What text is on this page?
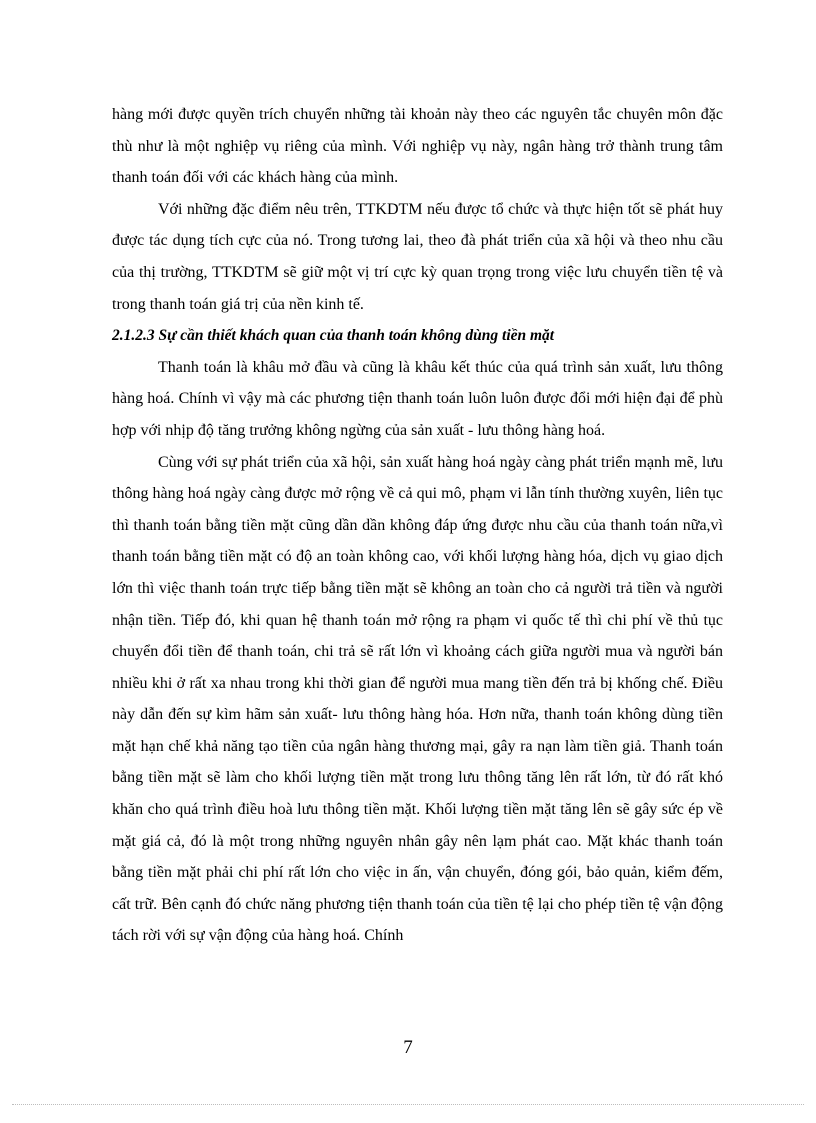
hàng mới được quyền trích chuyển những tài khoản này theo các nguyên tắc chuyên môn đặc thù như là một nghiệp vụ riêng của mình. Với nghiệp vụ này, ngân hàng trở thành trung tâm thanh toán đối với các khách hàng của mình.

Với những đặc điểm nêu trên, TTKDTM nếu được tổ chức và thực hiện tốt sẽ phát huy được tác dụng tích cực của nó. Trong tương lai, theo đà phát triển của xã hội và theo nhu cầu của thị trường, TTKDTM sẽ giữ một vị trí cực kỳ quan trọng trong việc lưu chuyển tiền tệ và trong thanh toán giá trị của nền kinh tế.

2.1.2.3 Sự cần thiết khách quan của thanh toán không dùng tiền mặt

Thanh toán là khâu mở đầu và cũng là khâu kết thúc của quá trình sản xuất, lưu thông hàng hoá. Chính vì vậy mà các phương tiện thanh toán luôn luôn được đổi mới hiện đại để phù hợp với nhịp độ tăng trưởng không ngừng của sản xuất - lưu thông hàng hoá.

Cùng với sự phát triển của xã hội, sản xuất hàng hoá ngày càng phát triển mạnh mẽ, lưu thông hàng hoá ngày càng được mở rộng về cả qui mô, phạm vi lẫn tính thường xuyên, liên tục thì thanh toán bằng tiền mặt cũng dần dần không đáp ứng được nhu cầu của thanh toán nữa,vì thanh toán bằng tiền mặt có độ an toàn không cao, với khối lượng hàng hóa, dịch vụ giao dịch lớn thì việc thanh toán trực tiếp bằng tiền mặt sẽ không an toàn cho cả người trả tiền và người nhận tiền. Tiếp đó, khi quan hệ thanh toán mở rộng ra phạm vi quốc tế thì chi phí về thủ tục chuyển đổi tiền để thanh toán, chi trả sẽ rất lớn vì khoảng cách giữa người mua và người bán nhiều khi ở rất xa nhau trong khi thời gian để người mua mang tiền đến trả bị khống chế. Điều này dẫn đến sự kìm hãm sản xuất- lưu thông hàng hóa. Hơn nữa, thanh toán không dùng tiền mặt hạn chế khả năng tạo tiền của ngân hàng thương mại, gây ra nạn làm tiền giả. Thanh toán bằng tiền mặt sẽ làm cho khối lượng tiền mặt trong lưu thông tăng lên rất lớn, từ đó rất khó khăn cho quá trình điều hoà lưu thông tiền mặt. Khối lượng tiền mặt tăng lên sẽ gây sức ép về mặt giá cả, đó là một trong những nguyên nhân gây nên lạm phát cao. Mặt khác thanh toán bằng tiền mặt phải chi phí rất lớn cho việc in ấn, vận chuyển, đóng gói, bảo quản, kiểm đếm, cất trữ. Bên cạnh đó chức năng phương tiện thanh toán của tiền tệ lại cho phép tiền tệ vận động tách rời với sự vận động của hàng hoá. Chính

7
